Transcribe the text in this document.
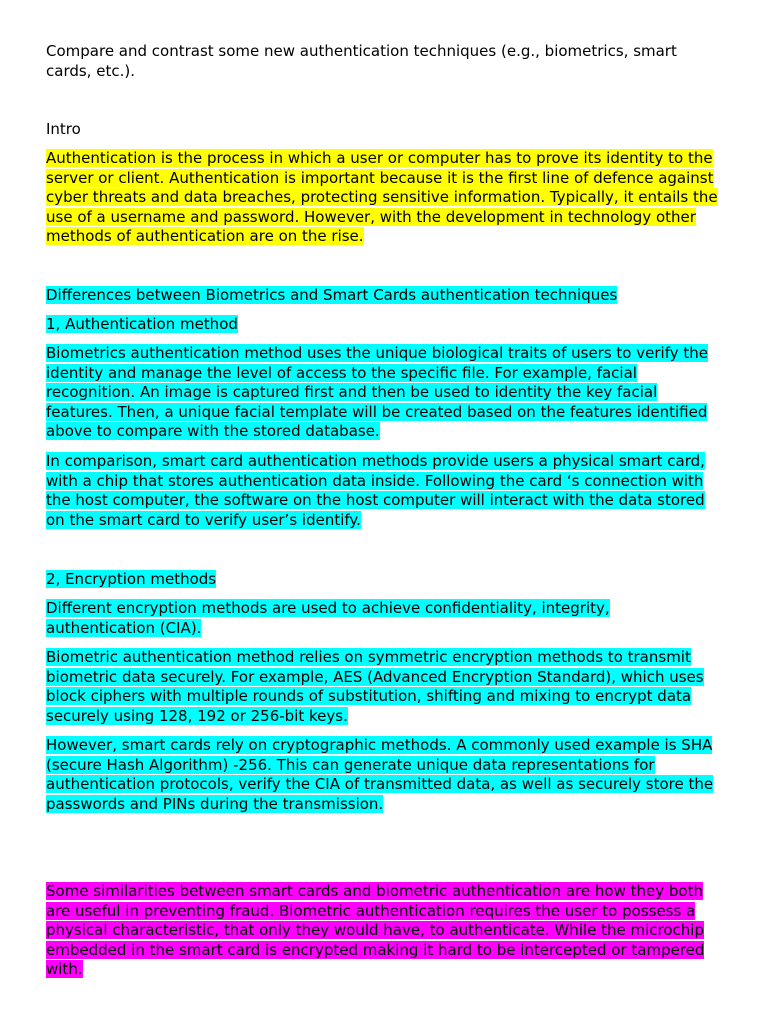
Compare and contrast some new authentication techniques (e.g., biometrics, smart cards, etc.).

Intro

Authentication is the process in which a user or computer has to prove its identity to the server or client. Authentication is important because it is the first line of defence against cyber threats and data breaches, protecting sensitive information. Typically, it entails the use of a username and password. However, with the development in technology other methods of authentication are on the rise.

Differences between Biometrics and Smart Cards authentication techniques

1, Authentication method

Biometrics authentication method uses the unique biological traits of users to verify the identity and manage the level of access to the specific file. For example, facial recognition. An image is captured first and then be used to identity the key facial features. Then, a unique facial template will be created based on the features identified above to compare with the stored database.

In comparison, smart card authentication methods provide users a physical smart card, with a chip that stores authentication data inside. Following the card ‘s connection with the host computer, the software on the host computer will interact with the data stored on the smart card to verify user’s identify.

2, Encryption methods

Different encryption methods are used to achieve confidentiality, integrity, authentication (CIA).

Biometric authentication method relies on symmetric encryption methods to transmit biometric data securely. For example, AES (Advanced Encryption Standard), which uses block ciphers with multiple rounds of substitution, shifting and mixing to encrypt data securely using 128, 192 or 256-bit keys.

However, smart cards rely on cryptographic methods. A commonly used example is SHA (secure Hash Algorithm) -256. This can generate unique data representations for authentication protocols, verify the CIA of transmitted data, as well as securely store the passwords and PINs during the transmission.

Some similarities between smart cards and biometric authentication are how they both are useful in preventing fraud. Biometric authentication requires the user to possess a physical characteristic, that only they would have, to authenticate. While the microchip embedded in the smart card is encrypted making it hard to be intercepted or tampered with.
